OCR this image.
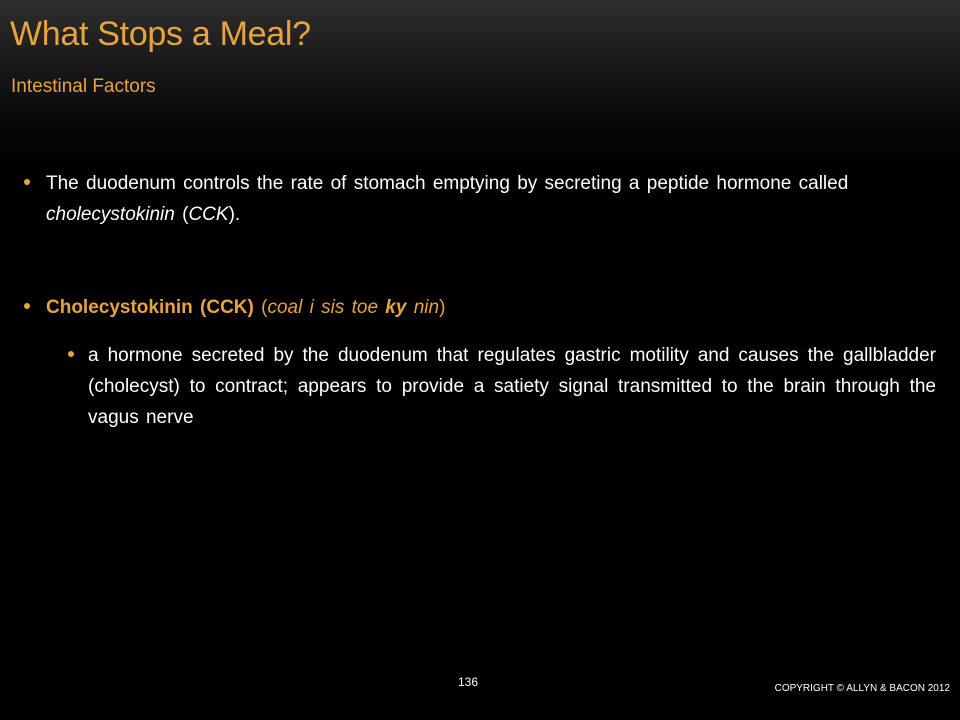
What Stops a Meal?
Intestinal Factors
The duodenum controls the rate of stomach emptying by secreting a peptide hormone called cholecystokinin (CCK).
Cholecystokinin (CCK) (coal i sis toe ky nin)
a hormone secreted by the duodenum that regulates gastric motility and causes the gallbladder (cholecyst) to contract; appears to provide a satiety signal transmitted to the brain through the vagus nerve
136	COPYRIGHT © ALLYN & BACON 2012
